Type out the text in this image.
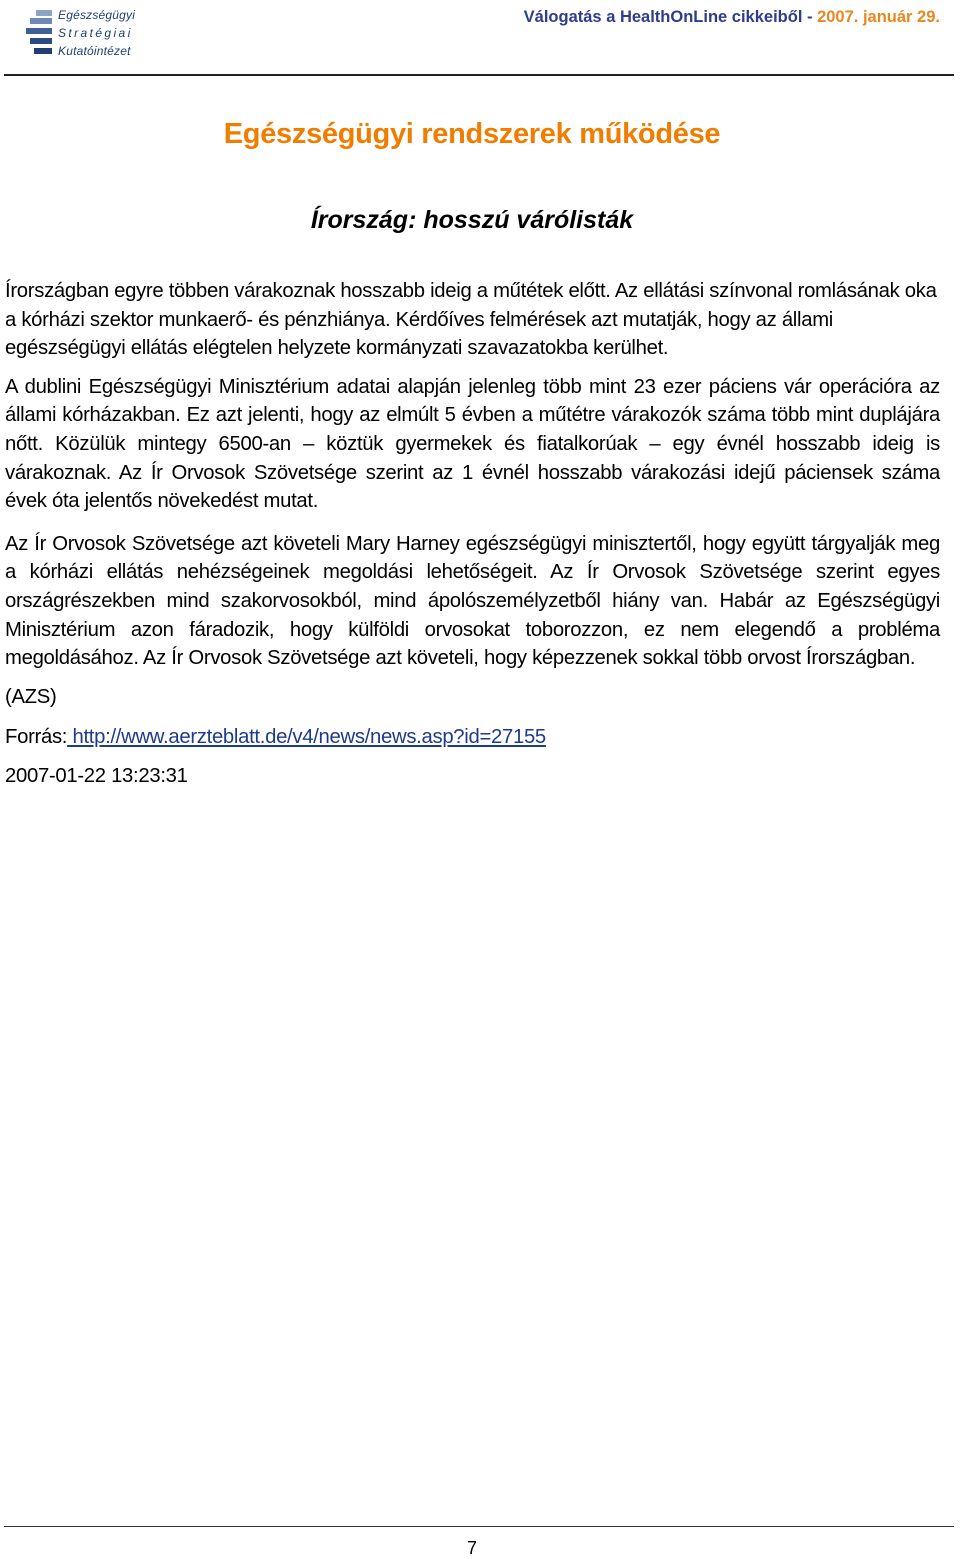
Egészségügyi
Stratégiai
Kutatóintézet
Válogatás a HealthOnLine cikkeiből - 2007. január 29.
Egészségügyi rendszerek működése
Írország: hosszú várólisták

Írországban egyre többen várakoznak hosszabb ideig a műtétek előtt. Az ellátási színvonal romlásának oka a kórházi szektor munkaerő- és pénzhiánya. Kérdőíves felmérések azt mutatják, hogy az állami egészségügyi ellátás elégtelen helyzete kormányzati szavazatokba kerülhet.

A dublini Egészségügyi Minisztérium adatai alapján jelenleg több mint 23 ezer páciens vár operációra az állami kórházakban. Ez azt jelenti, hogy az elmúlt 5 évben a műtétre várakozók száma több mint duplájára nőtt. Közülük mintegy 6500-an – köztük gyermekek és fiatalkorúak – egy évnél hosszabb ideig is várakoznak. Az Ír Orvosok Szövetsége szerint az 1 évnél hosszabb várakozási idejű páciensek száma évek óta jelentős növekedést mutat.

Az Ír Orvosok Szövetsége azt követeli Mary Harney egészségügyi minisztertől, hogy együtt tárgyalják meg a kórházi ellátás nehézségeinek megoldási lehetőségeit. Az Ír Orvosok Szövetsége szerint egyes országrészekben mind szakorvosokból, mind ápolószemélyzetből hiány van. Habár az Egészségügyi Minisztérium azon fáradozik, hogy külföldi orvosokat toborozzon, ez nem elegendő a probléma megoldásához. Az Ír Orvosok Szövetsége azt követeli, hogy képezzenek sokkal több orvost Írországban.

(AZS)

Forrás: http://www.aerzteblatt.de/v4/news/news.asp?id=27155

2007-01-22 13:23:31

7
